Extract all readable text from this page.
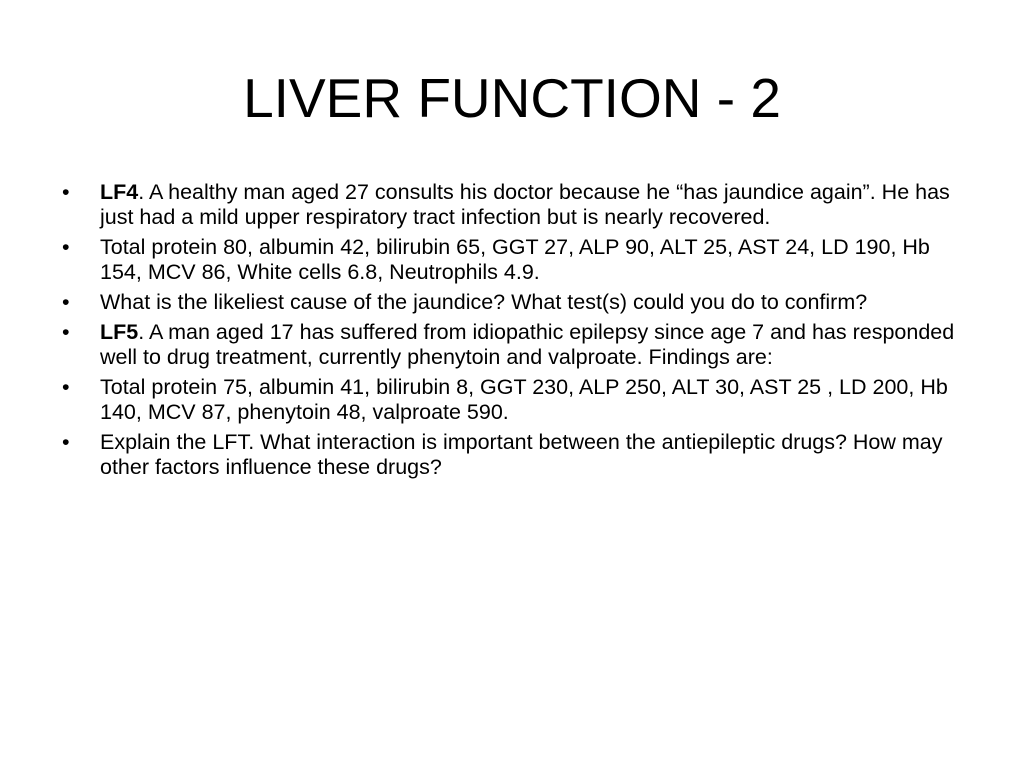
LIVER FUNCTION - 2
•	LF4. A healthy man aged 27 consults his doctor because he “has jaundice again”. He has just had a mild upper respiratory tract infection but is nearly recovered.
•	Total protein 80, albumin 42, bilirubin 65, GGT 27, ALP 90, ALT 25, AST 24, LD 190, Hb 154, MCV 86, White cells 6.8, Neutrophils 4.9.
•	What is the likeliest cause of the jaundice? What test(s) could you do to confirm?
•	LF5. A man aged 17 has suffered from idiopathic epilepsy since age 7 and has responded well to drug treatment, currently phenytoin and valproate. Findings are:
•	Total protein 75, albumin 41, bilirubin 8, GGT 230, ALP 250, ALT 30, AST 25 , LD 200, Hb 140, MCV 87, phenytoin 48, valproate 590.
•	Explain the LFT. What interaction is important between the antiepileptic drugs? How may other factors influence these drugs?
